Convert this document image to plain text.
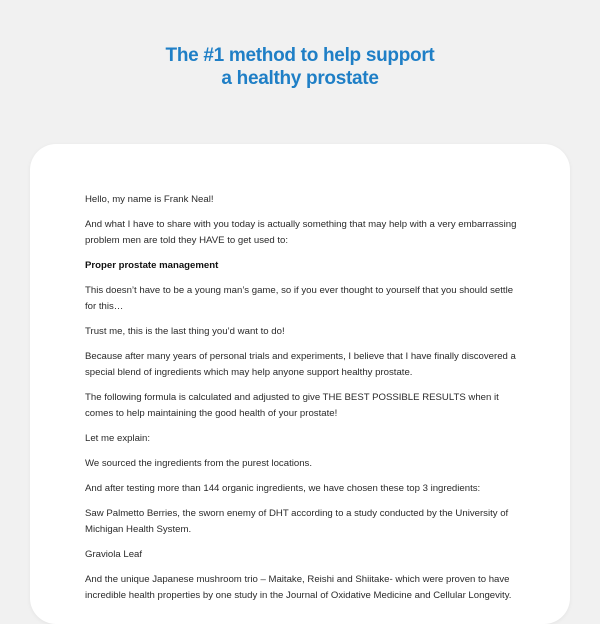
The #1 method to help support
a healthy prostate

Hello, my name is Frank Neal!

And what I have to share with you today is actually something that may help with a very embarrassing problem men are told they HAVE to get used to:

Proper prostate management

This doesn’t have to be a young man’s game, so if you ever thought to yourself that you should settle for this…

Trust me, this is the last thing you’d want to do!

Because after many years of personal trials and experiments, I believe that I have finally discovered a special blend of ingredients which may help anyone support healthy prostate.

The following formula is calculated and adjusted to give THE BEST POSSIBLE RESULTS when it comes to help maintaining the good health of your prostate!

Let me explain:

We sourced the ingredients from the purest locations.

And after testing more than 144 organic ingredients, we have chosen these top 3 ingredients:

Saw Palmetto Berries, the sworn enemy of DHT according to a study conducted by the University of Michigan Health System.

Graviola Leaf

And the unique Japanese mushroom trio – Maitake, Reishi and Shiitake- which were proven to have incredible health properties by one study in the Journal of Oxidative Medicine and Cellular Longevity.
